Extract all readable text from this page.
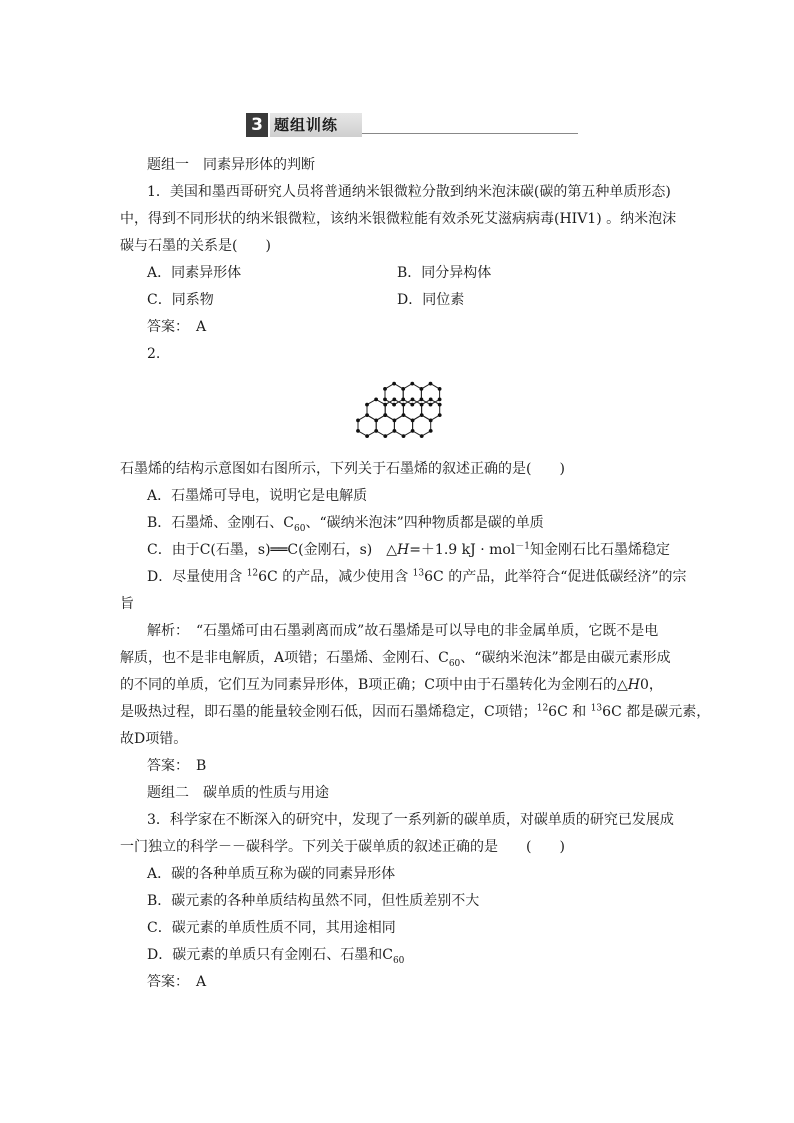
3 题组训练
题组一　同素异形体的判断
1．美国和墨西哥研究人员将普通纳米银微粒分散到纳米泡沫碳(碳的第五种单质形态)
中，得到不同形状的纳米银微粒，该纳米银微粒能有效杀死艾滋病病毒(HIV1) 。纳米泡沫
碳与石墨的关系是(　　)
A．同素异形体	B．同分异构体
C．同系物	D．同位素
答案：　A
2.
石墨烯的结构示意图如右图所示，下列关于石墨烯的叙述正确的是(　　)
A．石墨烯可导电，说明它是电解质
B．石墨烯、金刚石、$C_{60}$、“碳纳米泡沫”四种物质都是碳的单质
C．由于C(石墨，s)══C(金刚石，s)　△H=＋1.9 kJ · mol$^{-1}$知金刚石比石墨烯稳定
D．尽量使用含 $^{12}$6C 的产品，减少使用含 $^{13}$6C 的产品，此举符合“促进低碳经济”的宗
旨
解析：　“石墨烯可由石墨剥离而成”故石墨烯是可以导电的非金属单质，它既不是电
解质，也不是非电解质，A项错；石墨烯、金刚石、$C_{60}$、“碳纳米泡沫”都是由碳元素形成
的不同的单质，它们互为同素异形体，B项正确；C项中由于石墨转化为金刚石的△H0，
是吸热过程，即石墨的能量较金刚石低，因而石墨烯稳定，C项错；$^{12}$6C 和 $^{13}$6C 都是碳元素，
故D项错。
答案：　B
题组二　碳单质的性质与用途
3．科学家在不断深入的研究中，发现了一系列新的碳单质，对碳单质的研究已发展成
一门独立的科学－－碳科学。下列关于碳单质的叙述正确的是　　(　　)
A．碳的各种单质互称为碳的同素异形体
B．碳元素的各种单质结构虽然不同，但性质差别不大
C．碳元素的单质性质不同，其用途相同
D．碳元素的单质只有金刚石、石墨和$C_{60}$
答案：　A
